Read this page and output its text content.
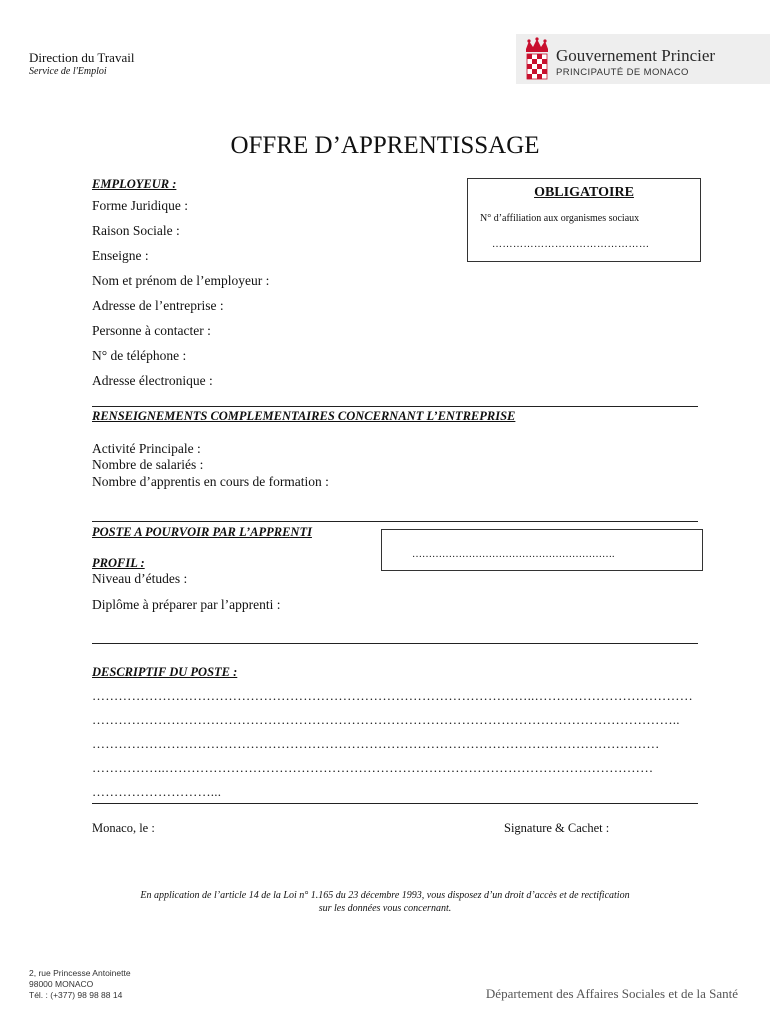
Direction du Travail
Service de l'Emploi
Gouvernement Princier
PRINCIPAUTÉ DE MONACO
OFFRE D’APPRENTISSAGE
EMPLOYEUR :
Forme Juridique :
Raison Sociale :
Enseigne :
Nom et prénom de l’employeur :
Adresse de l’entreprise :
Personne à contacter :
N° de téléphone :
Adresse électronique :
OBLIGATOIRE
N° d’affiliation aux organismes sociaux
………………………………………
RENSEIGNEMENTS COMPLEMENTAIRES CONCERNANT L’ENTREPRISE
Activité Principale :
Nombre de salariés :
Nombre d’apprentis en cours de formation :
POSTE A POURVOIR PAR L’APPRENTI
…………………………………………………….
PROFIL :
Niveau d’études :
Diplôme à préparer par l’apprenti :
DESCRIPTIF DU POSTE :
………………………………………………………………………………………..………………………………
……………………………………………………………………………………………………………………..
…………………………………………………………………………………………………………………
……………..…………………………………………………………………………………………………
………………………...
Monaco, le :	Signature & Cachet :
En application de l’article 14 de la Loi n° 1.165 du 23 décembre 1993, vous disposez d’un droit d’accès et de rectification
sur les données vous concernant.
2, rue Princesse Antoinette
98000 MONACO
Tél. : (+377) 98 98 88 14	Département des Affaires Sociales et de la Santé
